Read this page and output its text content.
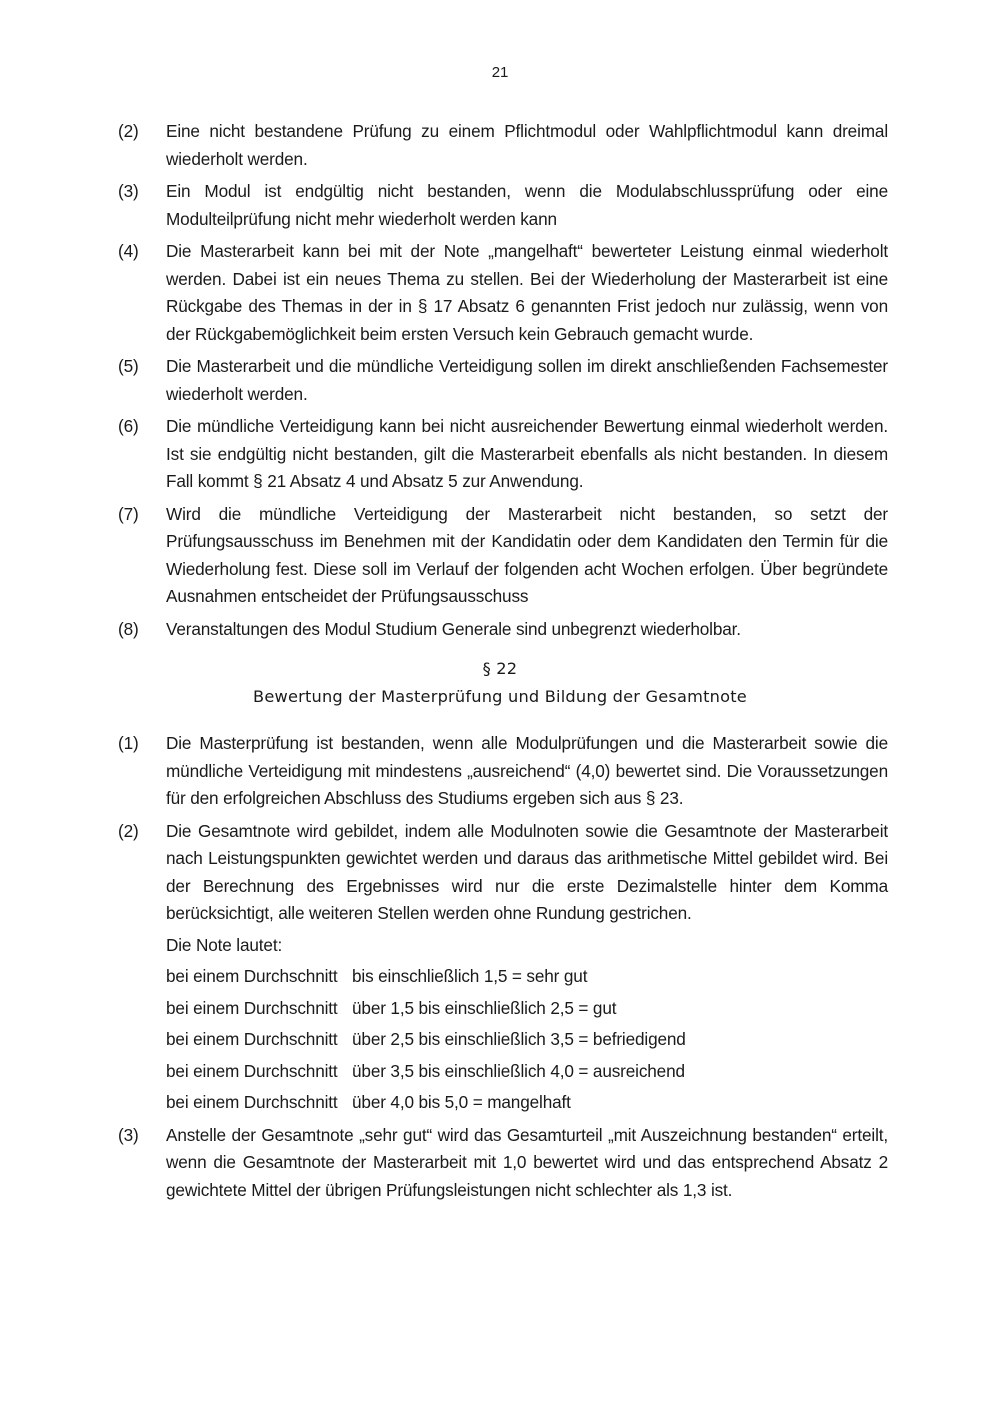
21
(2)	Eine nicht bestandene Prüfung zu einem Pflichtmodul oder Wahlpflichtmodul kann dreimal wiederholt werden.
(3)	Ein Modul ist endgültig nicht bestanden, wenn die Modulabschlussprüfung oder eine Modulteilprüfung nicht mehr wiederholt werden kann
(4)	Die Masterarbeit kann bei mit der Note „mangelhaft“ bewerteter Leistung einmal wiederholt werden. Dabei ist ein neues Thema zu stellen. Bei der Wiederholung der Masterarbeit ist eine Rückgabe des Themas in der in § 17 Absatz 6 genannten Frist jedoch nur zulässig, wenn von der Rückgabemöglichkeit beim ersten Versuch kein Gebrauch gemacht wurde.
(5)	Die Masterarbeit und die mündliche Verteidigung sollen im direkt anschließenden Fachsemester wiederholt werden.
(6)	Die mündliche Verteidigung kann bei nicht ausreichender Bewertung einmal wiederholt werden. Ist sie endgültig nicht bestanden, gilt die Masterarbeit ebenfalls als nicht bestanden. In diesem Fall kommt § 21 Absatz 4 und Absatz 5 zur Anwendung.
(7)	Wird die mündliche Verteidigung der Masterarbeit nicht bestanden, so setzt der Prüfungsausschuss im Benehmen mit der Kandidatin oder dem Kandidaten den Termin für die Wiederholung fest. Diese soll im Verlauf der folgenden acht Wochen erfolgen. Über begründete Ausnahmen entscheidet der Prüfungsausschuss
(8)	Veranstaltungen des Modul Studium Generale sind unbegrenzt wiederholbar.
§ 22
Bewertung der Masterprüfung und Bildung der Gesamtnote
(1)	Die Masterprüfung ist bestanden, wenn alle Modulprüfungen und die Masterarbeit sowie die mündliche Verteidigung mit mindestens „ausreichend“ (4,0) bewertet sind. Die Voraussetzungen für den erfolgreichen Abschluss des Studiums ergeben sich aus § 23.
(2)	Die Gesamtnote wird gebildet, indem alle Modulnoten sowie die Gesamtnote der Masterarbeit nach Leistungspunkten gewichtet werden und daraus das arithmetische Mittel gebildet wird. Bei der Berechnung des Ergebnisses wird nur die erste Dezimalstelle hinter dem Komma berücksichtigt, alle weiteren Stellen werden ohne Rundung gestrichen.
Die Note lautet:
bei einem Durchschnitt bis einschließlich 1,5 = sehr gut
bei einem Durchschnitt über 1,5 bis einschließlich 2,5 = gut
bei einem Durchschnitt über 2,5 bis einschließlich 3,5 = befriedigend
bei einem Durchschnitt über 3,5 bis einschließlich 4,0 = ausreichend
bei einem Durchschnitt über 4,0 bis 5,0 = mangelhaft
(3)	Anstelle der Gesamtnote „sehr gut“ wird das Gesamturteil „mit Auszeichnung bestanden“ erteilt, wenn die Gesamtnote der Masterarbeit mit 1,0 bewertet wird und das entsprechend Absatz 2 gewichtete Mittel der übrigen Prüfungsleistungen nicht schlechter als 1,3 ist.
